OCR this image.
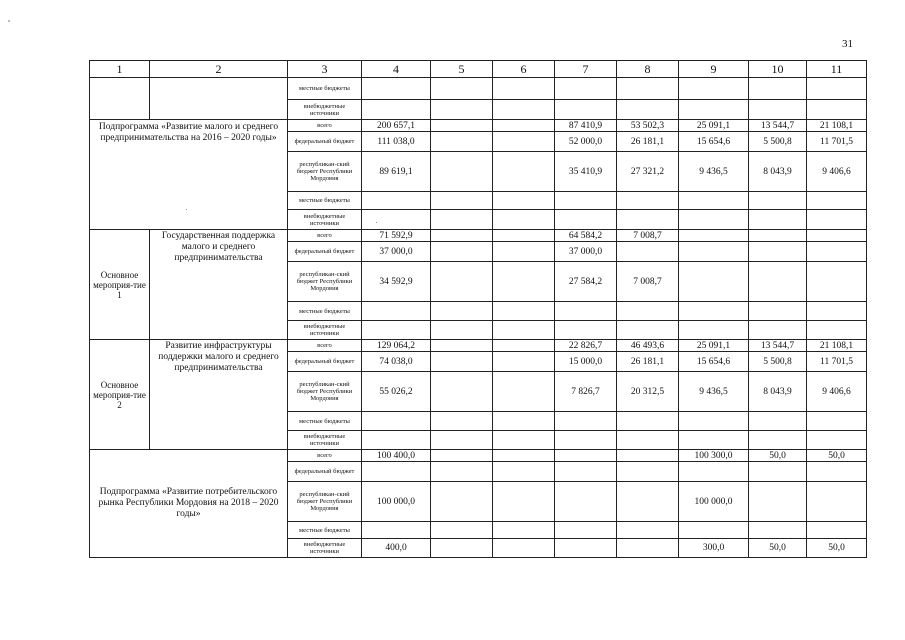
31
1	2	3	4	5	6	7	8	9	10	11
		местные бюджеты								
		внебюджетные источники								
Подпрограмма «Развитие малого и среднего предпринимательства на 2016 – 2020 годы»		всего	200 657,1			87 410,9	53 502,3	25 091,1	13 544,7	21 108,1
		федеральный бюджет	111 038,0			52 000,0	26 181,1	15 654,6	5 500,8	11 701,5
		республикан-ский бюджет Республики Мордовия	89 619,1			35 410,9	27 321,2	9 436,5	8 043,9	9 406,6
		местные бюджеты								
		внебюджетные источники								
Основное мероприя-тие 1	Государственная поддержка малого и среднего предпринимательства	всего	71 592,9			64 584,2	7 008,7			
		федеральный бюджет	37 000,0			37 000,0				
		республикан-ский бюджет Республики Мордовия	34 592,9			27 584,2	7 008,7			
		местные бюджеты								
		внебюджетные источники								
Основное мероприя-тие 2	Развитие инфраструктуры поддержки малого и среднего предпринимательства	всего	129 064,2			22 826,7	46 493,6	25 091,1	13 544,7	21 108,1
		федеральный бюджет	74 038,0			15 000,0	26 181,1	15 654,6	5 500,8	11 701,5
		республикан-ский бюджет Республики Мордовия	55 026,2			7 826,7	20 312,5	9 436,5	8 043,9	9 406,6
		местные бюджеты								
		внебюджетные источники								
Подпрограмма «Развитие потребительского рынка Республики Мордовия на 2018 – 2020 годы»		всего	100 400,0					100 300,0	50,0	50,0
		федеральный бюджет								
		республикан-ский бюджет Республики Мордовия	100 000,0					100 000,0		
		местные бюджеты								
		внебюджетные источники	400,0					300,0	50,0	50,0
